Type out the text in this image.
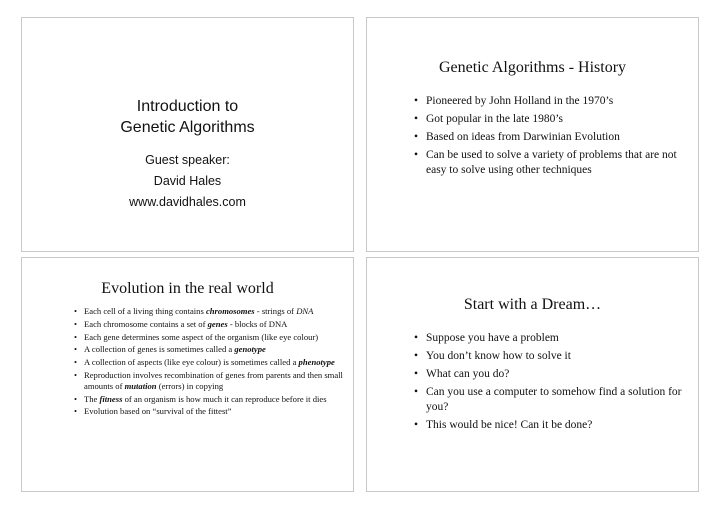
Introduction to
Genetic Algorithms
Guest speaker:
David Hales
www.davidhales.com
Genetic Algorithms - History
• Pioneered by John Holland in the 1970’s
• Got popular in the late 1980’s
• Based on ideas from Darwinian Evolution
• Can be used to solve a variety of problems that are not easy to solve using other techniques
Evolution in the real world
• Each cell of a living thing contains chromosomes - strings of DNA
• Each chromosome contains a set of genes - blocks of DNA
• Each gene determines some aspect of the organism (like eye colour)
• A collection of genes is sometimes called a genotype
• A collection of aspects (like eye colour) is sometimes called a phenotype
• Reproduction involves recombination of genes from parents and then small amounts of mutation (errors) in copying
• The fitness of an organism is how much it can reproduce before it dies
• Evolution based on “survival of the fittest”
Start with a Dream…
• Suppose you have a problem
• You don’t know how to solve it
• What can you do?
• Can you use a computer to somehow find a solution for you?
• This would be nice! Can it be done?
